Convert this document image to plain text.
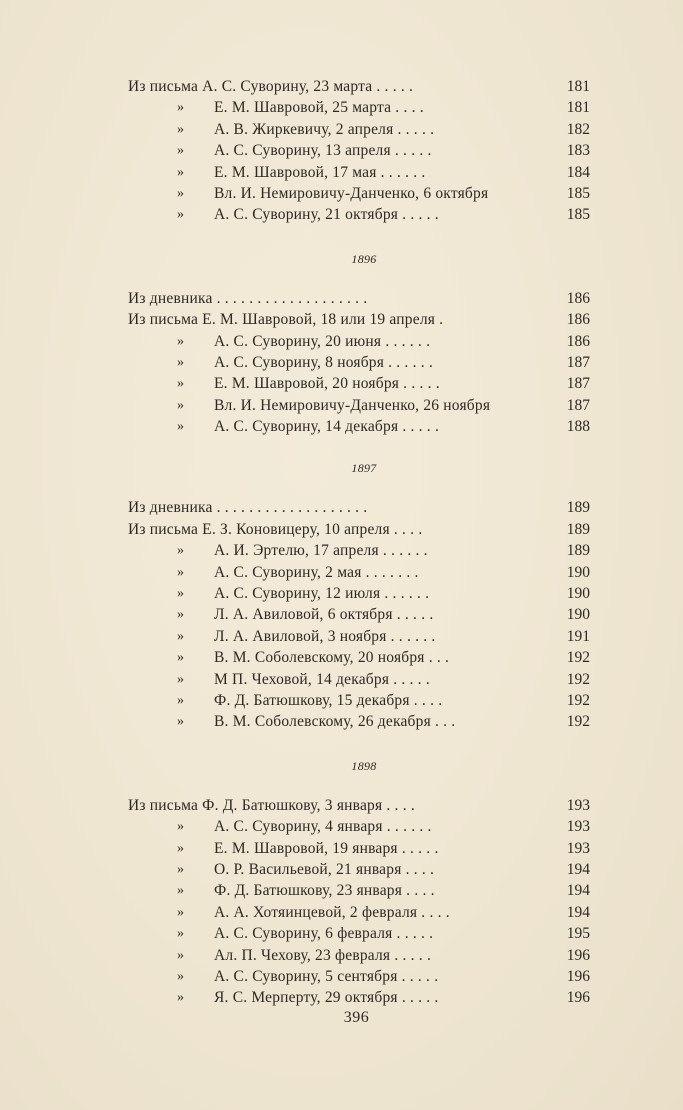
Из письма А. С. Суворину, 23 марта . . . . .	181
» Е. М. Шавровой, 25 марта . . . .	181
» А. В. Жиркевичу, 2 апреля . . . . .	182
» А. С. Суворину, 13 апреля . . . . .	183
» Е. М. Шавровой, 17 мая . . . . . .	184
» Вл. И. Немировичу-Данченко, 6 октября	185
» А. С. Суворину, 21 октября . . . . .	185
1896
Из дневника . . . . . . . . . . . . . . . . . . .	186
Из письма Е. М. Шавровой, 18 или 19 апреля .	186
» А. С. Суворину, 20 июня . . . . . .	186
» А. С. Суворину, 8 ноября . . . . . .	187
» Е. М. Шавровой, 20 ноября . . . . .	187
» Вл. И. Немировичу-Данченко, 26 ноября	187
» А. С. Суворину, 14 декабря . . . . .	188
1897
Из дневника . . . . . . . . . . . . . . . . . . .	189
Из письма Е. З. Коновицеру, 10 апреля . . . .	189
» А. И. Эртелю, 17 апреля . . . . . .	189
» А. С. Суворину, 2 мая . . . . . . .	190
» А. С. Суворину, 12 июля . . . . . .	190
» Л. А. Авиловой, 6 октября . . . . .	190
» Л. А. Авиловой, 3 ноября . . . . . .	191
» В. М. Соболевскому, 20 ноября . . .	192
» М П. Чеховой, 14 декабря . . . . .	192
» Ф. Д. Батюшкову, 15 декабря . . . .	192
» В. М. Соболевскому, 26 декабря . . .	192
1898
Из письма Ф. Д. Батюшкову, 3 января . . . .	193
» А. С. Суворину, 4 января . . . . . .	193
» Е. М. Шавровой, 19 января . . . . .	193
» О. Р. Васильевой, 21 января . . . .	194
» Ф. Д. Батюшкову, 23 января . . . .	194
» А. А. Хотяинцевой, 2 февраля . . . .	194
» А. С. Суворину, 6 февраля . . . . .	195
» Ал. П. Чехову, 23 февраля . . . . .	196
» А. С. Суворину, 5 сентября . . . . .	196
» Я. С. Мерперту, 29 октября . . . . .	196
396
